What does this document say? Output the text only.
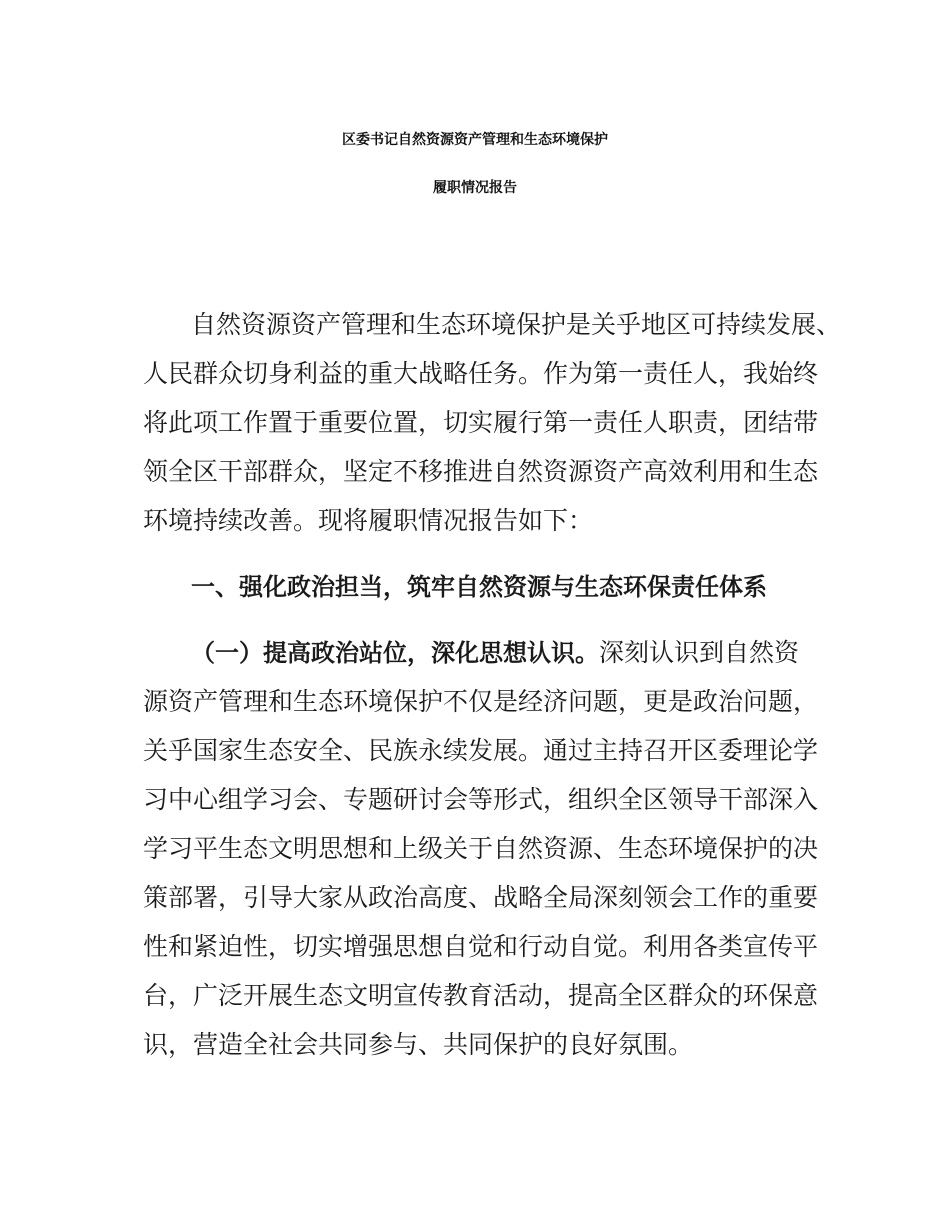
区委书记自然资源资产管理和生态环境保护
履职情况报告
自然资源资产管理和生态环境保护是关乎地区可持续发展、
人民群众切身利益的重大战略任务。作为第一责任人，我始终
将此项工作置于重要位置，切实履行第一责任人职责，团结带
领全区干部群众，坚定不移推进自然资源资产高效利用和生态
环境持续改善。现将履职情况报告如下：
一、强化政治担当，筑牢自然资源与生态环保责任体系
（一）提高政治站位，深化思想认识。深刻认识到自然资
源资产管理和生态环境保护不仅是经济问题，更是政治问题，
关乎国家生态安全、民族永续发展。通过主持召开区委理论学
习中心组学习会、专题研讨会等形式，组织全区领导干部深入
学习平生态文明思想和上级关于自然资源、生态环境保护的决
策部署，引导大家从政治高度、战略全局深刻领会工作的重要
性和紧迫性，切实增强思想自觉和行动自觉。利用各类宣传平
台，广泛开展生态文明宣传教育活动，提高全区群众的环保意
识，营造全社会共同参与、共同保护的良好氛围。
